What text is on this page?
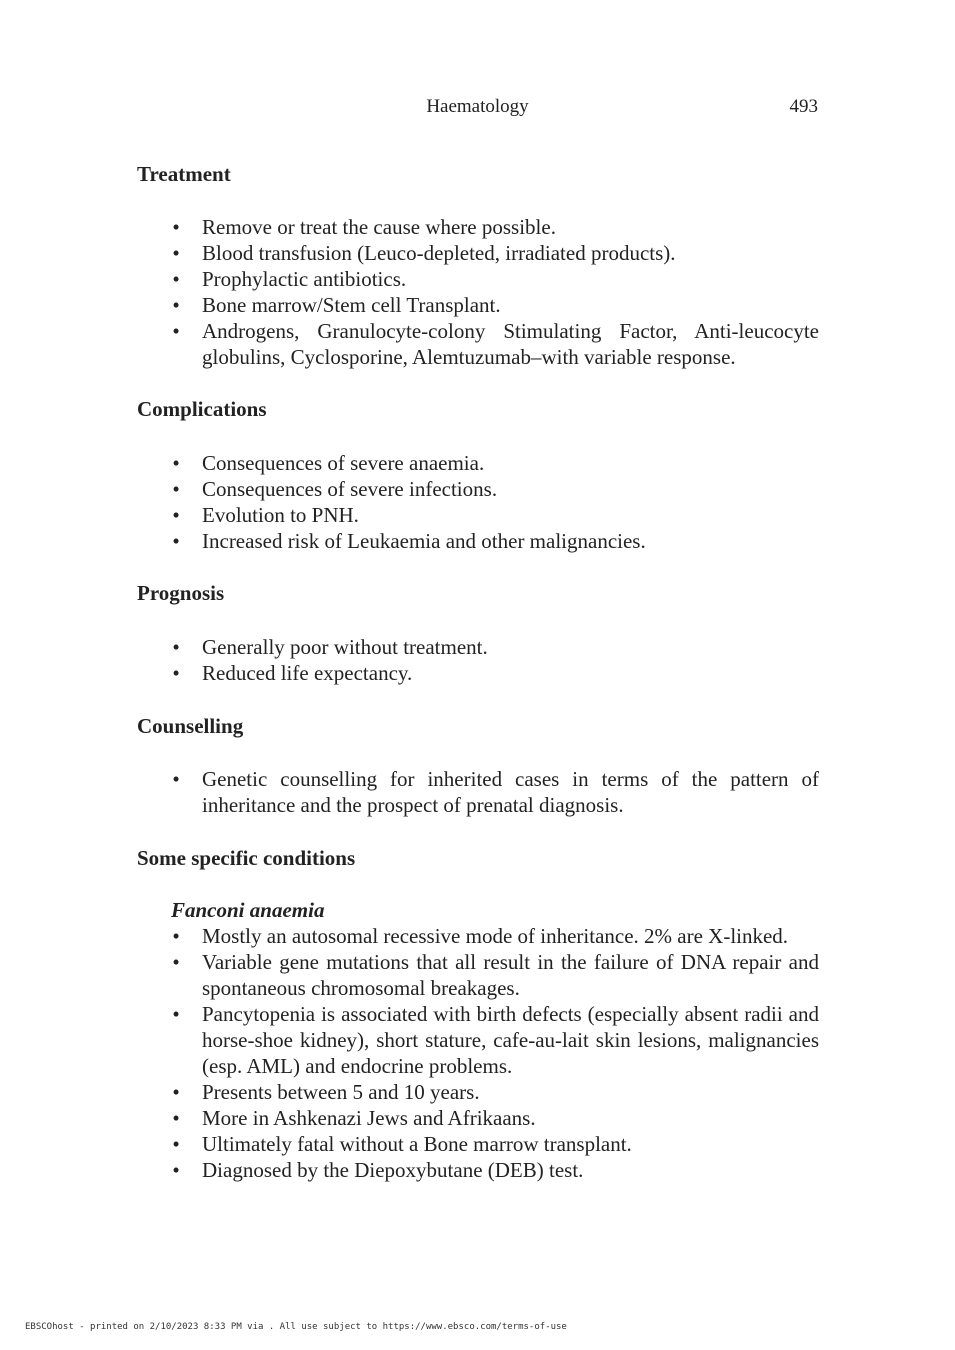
Haematology	493
Treatment
• Remove or treat the cause where possible.
• Blood transfusion (Leuco-depleted, irradiated products).
• Prophylactic antibiotics.
• Bone marrow/Stem cell Transplant.
• Androgens, Granulocyte-colony Stimulating Factor, Anti-leucocyte globulins, Cyclosporine, Alemtuzumab–with variable response.
Complications
• Consequences of severe anaemia.
• Consequences of severe infections.
• Evolution to PNH.
• Increased risk of Leukaemia and other malignancies.
Prognosis
• Generally poor without treatment.
• Reduced life expectancy.
Counselling
• Genetic counselling for inherited cases in terms of the pattern of inheritance and the prospect of prenatal diagnosis.
Some specific conditions
Fanconi anaemia
• Mostly an autosomal recessive mode of inheritance. 2% are X-linked.
• Variable gene mutations that all result in the failure of DNA repair and spontaneous chromosomal breakages.
• Pancytopenia is associated with birth defects (especially absent radii and horse-shoe kidney), short stature, cafe-au-lait skin lesions, malignancies (esp. AML) and endocrine problems.
• Presents between 5 and 10 years.
• More in Ashkenazi Jews and Afrikaans.
• Ultimately fatal without a Bone marrow transplant.
• Diagnosed by the Diepoxybutane (DEB) test.
EBSCOhost - printed on 2/10/2023 8:33 PM via . All use subject to https://www.ebsco.com/terms-of-use
